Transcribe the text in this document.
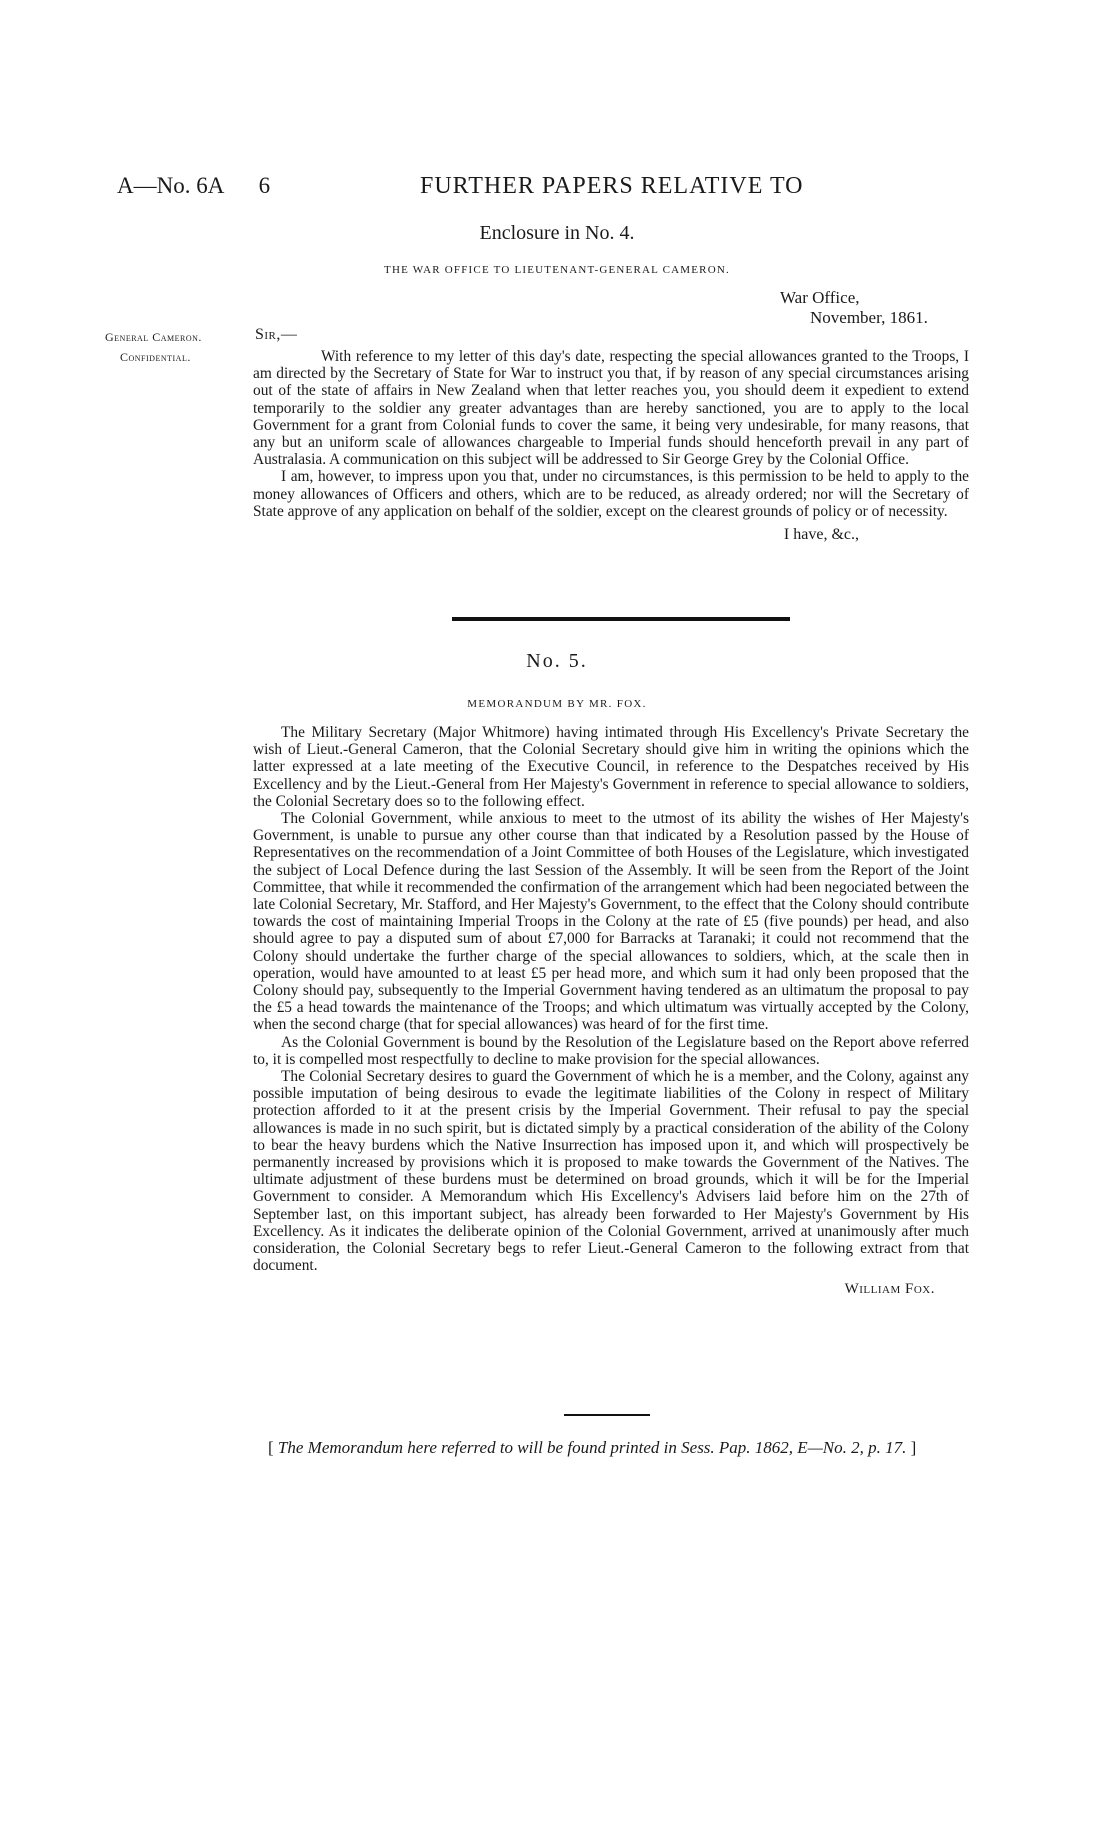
A—No. 6A 6	FURTHER PAPERS RELATIVE TO
Enclosure in No. 4.
THE WAR OFFICE TO LIEUTENANT-GENERAL CAMERON.
War Office,
November, 1861.
General Cameron.
Confidential.
Sir,—

With reference to my letter of this day's date, respecting the special allowances granted to the Troops, I am directed by the Secretary of State for War to instruct you that, if by reason of any special circumstances arising out of the state of affairs in New Zealand when that letter reaches you, you should deem it expedient to extend temporarily to the soldier any greater advantages than are hereby sanctioned, you are to apply to the local Government for a grant from Colonial funds to cover the same, it being very undesirable, for many reasons, that any but an uniform scale of allowances chargeable to Imperial funds should henceforth prevail in any part of Australasia. A communication on this subject will be addressed to Sir George Grey by the Colonial Office.

I am, however, to impress upon you that, under no circumstances, is this permission to be held to apply to the money allowances of Officers and others, which are to be reduced, as already ordered; nor will the Secretary of State approve of any application on behalf of the soldier, except on the clearest grounds of policy or of necessity.

I have, &c.,
No. 5.
MEMORANDUM BY MR. FOX.

The Military Secretary (Major Whitmore) having intimated through His Excellency's Private Secretary the wish of Lieut.-General Cameron, that the Colonial Secretary should give him in writing the opinions which the latter expressed at a late meeting of the Executive Council, in reference to the Despatches received by His Excellency and by the Lieut.-General from Her Majesty's Government in reference to special allowance to soldiers, the Colonial Secretary does so to the following effect.

The Colonial Government, while anxious to meet to the utmost of its ability the wishes of Her Majesty's Government, is unable to pursue any other course than that indicated by a Resolution passed by the House of Representatives on the recommendation of a Joint Committee of both Houses of the Legislature, which investigated the subject of Local Defence during the last Session of the Assembly. It will be seen from the Report of the Joint Committee, that while it recommended the confirmation of the arrangement which had been negociated between the late Colonial Secretary, Mr. Stafford, and Her Majesty's Government, to the effect that the Colony should contribute towards the cost of maintaining Imperial Troops in the Colony at the rate of £5 (five pounds) per head, and also should agree to pay a disputed sum of about £7,000 for Barracks at Taranaki; it could not recommend that the Colony should undertake the further charge of the special allowances to soldiers, which, at the scale then in operation, would have amounted to at least £5 per head more, and which sum it had only been proposed that the Colony should pay, subsequently to the Imperial Government having tendered as an ultimatum the proposal to pay the £5 a head towards the maintenance of the Troops; and which ultimatum was virtually accepted by the Colony, when the second charge (that for special allowances) was heard of for the first time.

As the Colonial Government is bound by the Resolution of the Legislature based on the Report above referred to, it is compelled most respectfully to decline to make provision for the special allowances.

The Colonial Secretary desires to guard the Government of which he is a member, and the Colony, against any possible imputation of being desirous to evade the legitimate liabilities of the Colony in respect of Military protection afforded to it at the present crisis by the Imperial Government. Their refusal to pay the special allowances is made in no such spirit, but is dictated simply by a practical consideration of the ability of the Colony to bear the heavy burdens which the Native Insurrection has imposed upon it, and which will prospectively be permanently increased by provisions which it is proposed to make towards the Government of the Natives. The ultimate adjustment of these burdens must be determined on broad grounds, which it will be for the Imperial Government to consider. A Memorandum which His Excellency's Advisers laid before him on the 27th of September last, on this important subject, has already been forwarded to Her Majesty's Government by His Excellency. As it indicates the deliberate opinion of the Colonial Government, arrived at unanimously after much consideration, the Colonial Secretary begs to refer Lieut.-General Cameron to the following extract from that document.

William Fox.
[ The Memorandum here referred to will be found printed in Sess. Pap. 1862, E—No. 2, p. 17. ]
